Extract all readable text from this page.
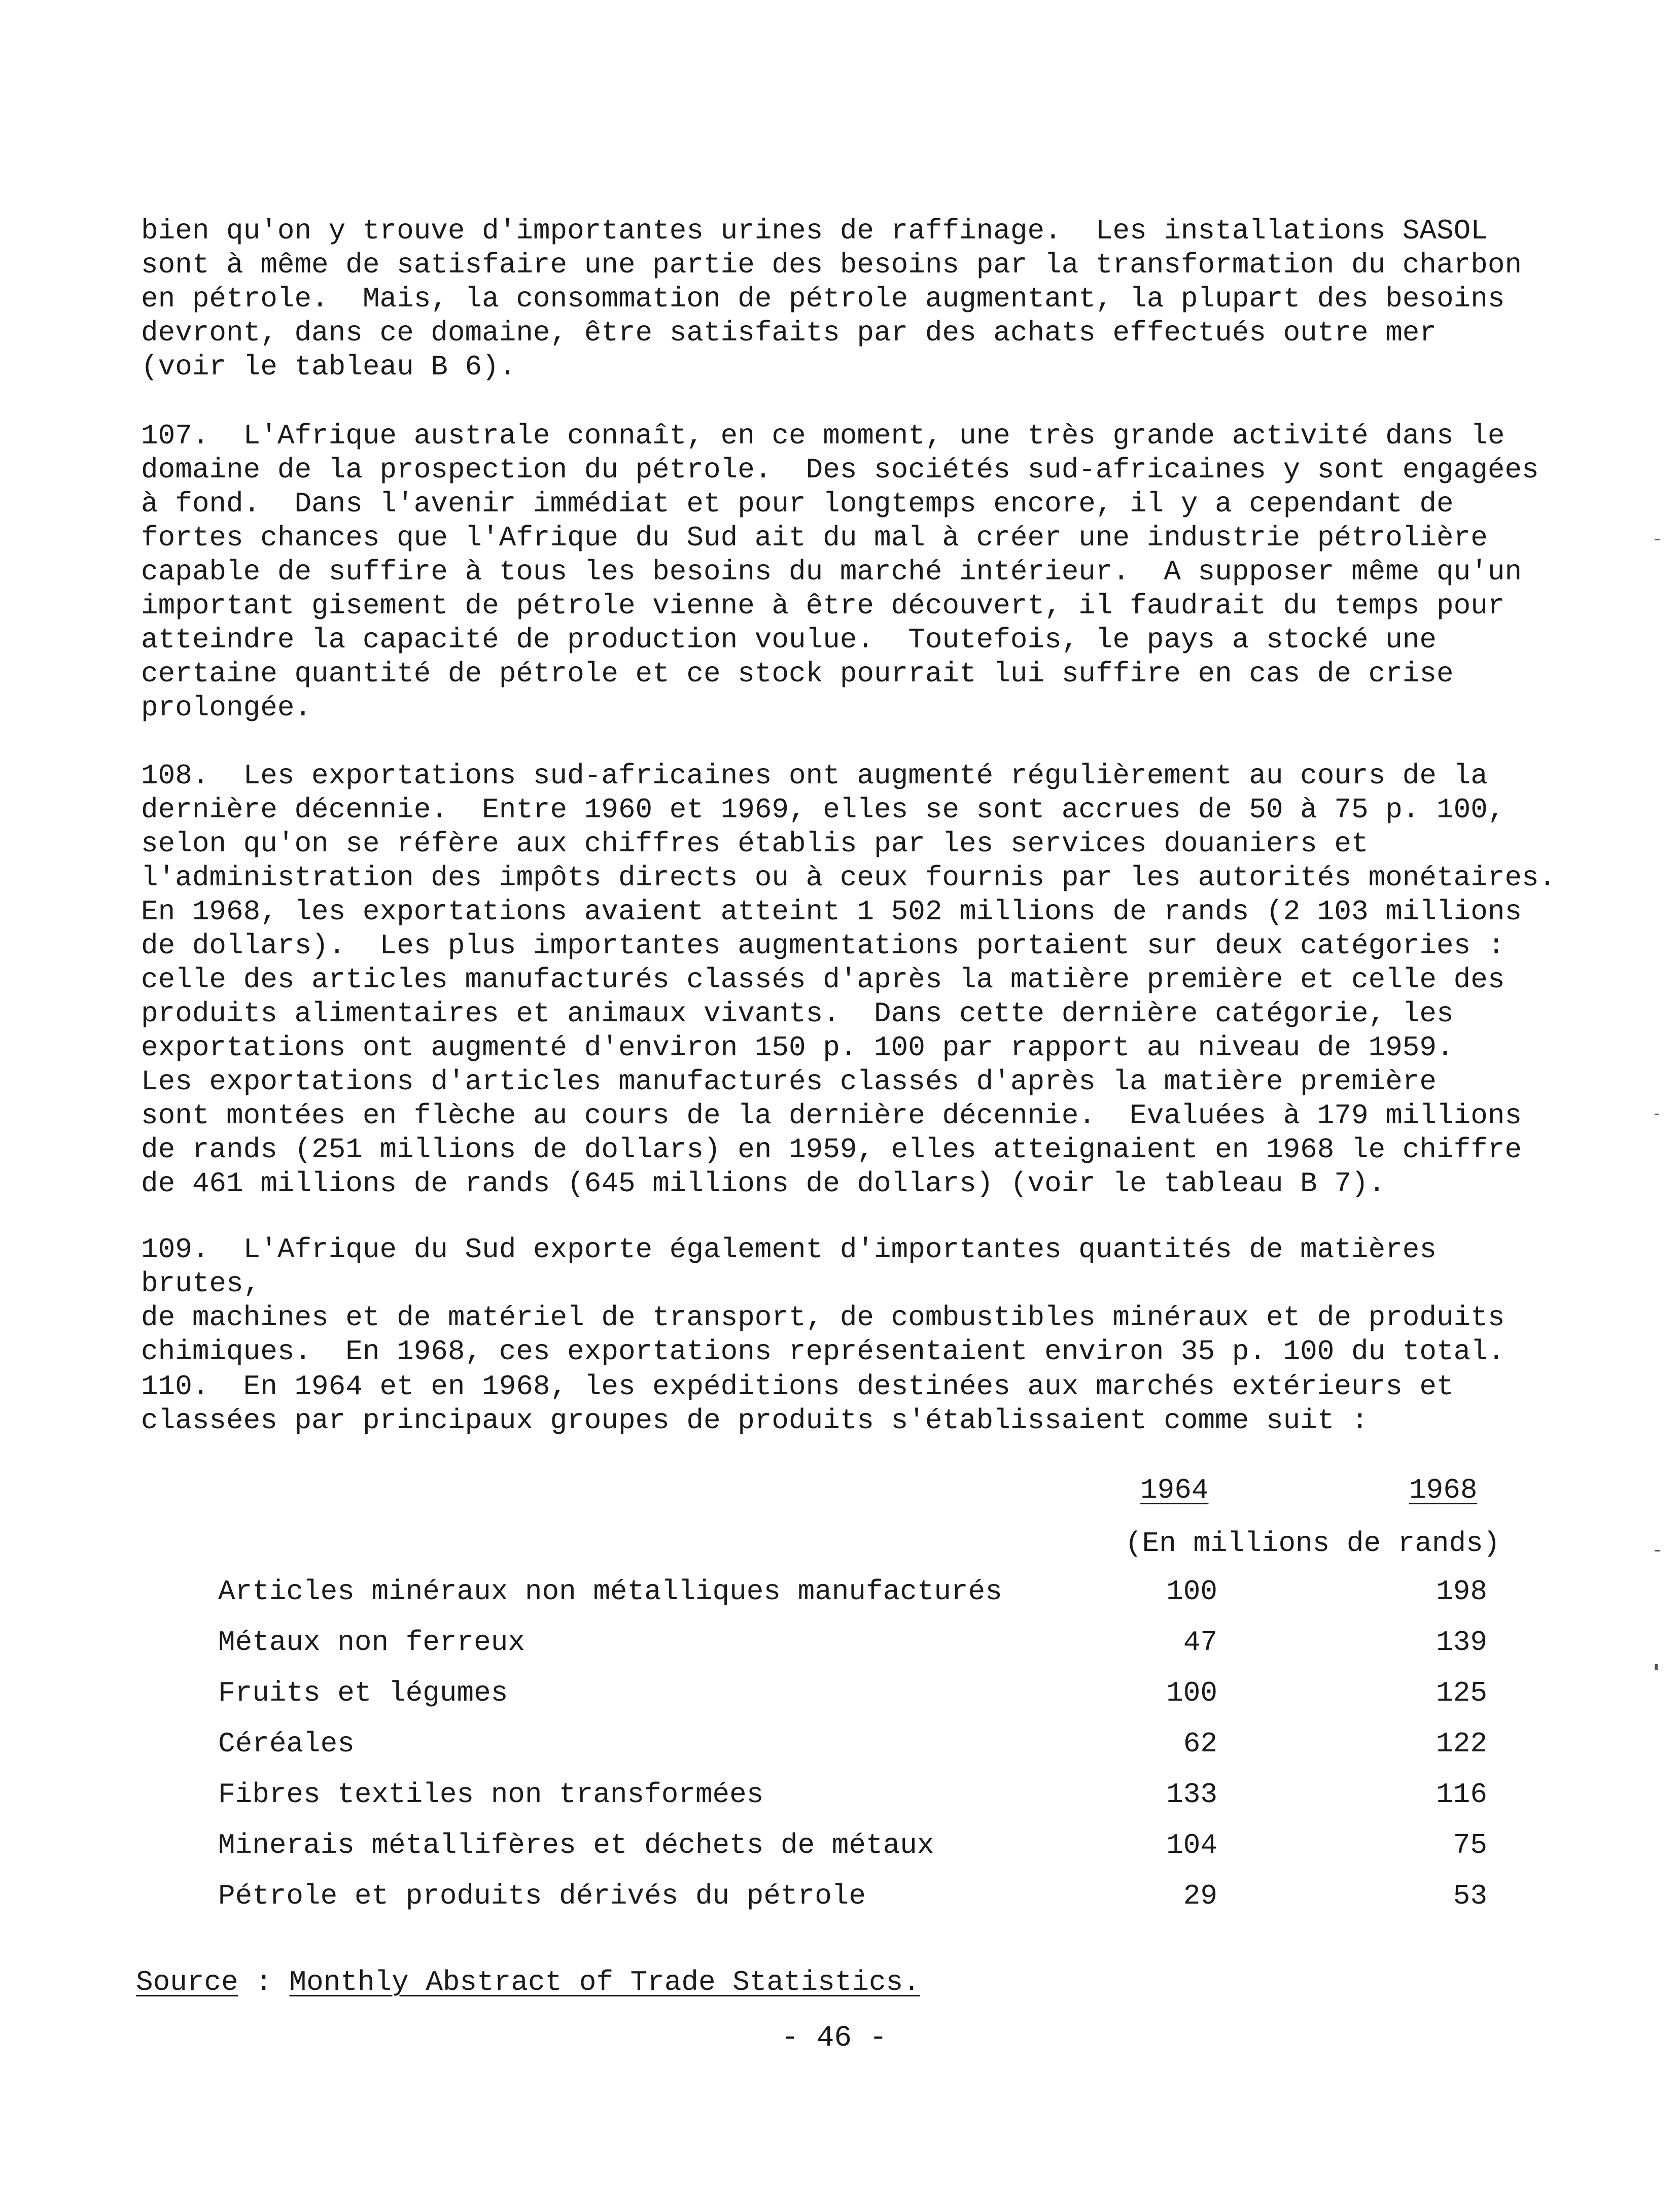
bien qu'on y trouve d'importantes urines de raffinage.  Les installations SASOL
sont à même de satisfaire une partie des besoins par la transformation du charbon
en pétrole.  Mais, la consommation de pétrole augmentant, la plupart des besoins
devront, dans ce domaine, être satisfaits par des achats effectués outre mer
(voir le tableau B 6).

107.  L'Afrique australe connaît, en ce moment, une très grande activité dans le
domaine de la prospection du pétrole.  Des sociétés sud-africaines y sont engagées
à fond.  Dans l'avenir immédiat et pour longtemps encore, il y a cependant de
fortes chances que l'Afrique du Sud ait du mal à créer une industrie pétrolière
capable de suffire à tous les besoins du marché intérieur.  A supposer même qu'un
important gisement de pétrole vienne à être découvert, il faudrait du temps pour
atteindre la capacité de production voulue.  Toutefois, le pays a stocké une
certaine quantité de pétrole et ce stock pourrait lui suffire en cas de crise
prolongée.

108.  Les exportations sud-africaines ont augmenté régulièrement au cours de la
dernière décennie.  Entre 1960 et 1969, elles se sont accrues de 50 à 75 p. 100,
selon qu'on se réfère aux chiffres établis par les services douaniers et
l'administration des impôts directs ou à ceux fournis par les autorités monétaires.
En 1968, les exportations avaient atteint 1 502 millions de rands (2 103 millions
de dollars).  Les plus importantes augmentations portaient sur deux catégories :
celle des articles manufacturés classés d'après la matière première et celle des
produits alimentaires et animaux vivants.  Dans cette dernière catégorie, les
exportations ont augmenté d'environ 150 p. 100 par rapport au niveau de 1959.
Les exportations d'articles manufacturés classés d'après la matière première
sont montées en flèche au cours de la dernière décennie.  Evaluées à 179 millions
de rands (251 millions de dollars) en 1959, elles atteignaient en 1968 le chiffre
de 461 millions de rands (645 millions de dollars) (voir le tableau B 7).

109.  L'Afrique du Sud exporte également d'importantes quantités de matières brutes,
de machines et de matériel de transport, de combustibles minéraux et de produits
chimiques.  En 1968, ces exportations représentaient environ 35 p. 100 du total.

110.  En 1964 et en 1968, les expéditions destinées aux marchés extérieurs et
classées par principaux groupes de produits s'établissaient comme suit :

1964	1968
(En millions de rands)
Articles minéraux non métalliques manufacturés	100	198
Métaux non ferreux	47	139
Fruits et légumes	100	125
Céréales	62	122
Fibres textiles non transformées	133	116
Minerais métallifères et déchets de métaux	104	75
Pétrole et produits dérivés du pétrole	29	53
Source : Monthly Abstract of Trade Statistics.
- 46 -
